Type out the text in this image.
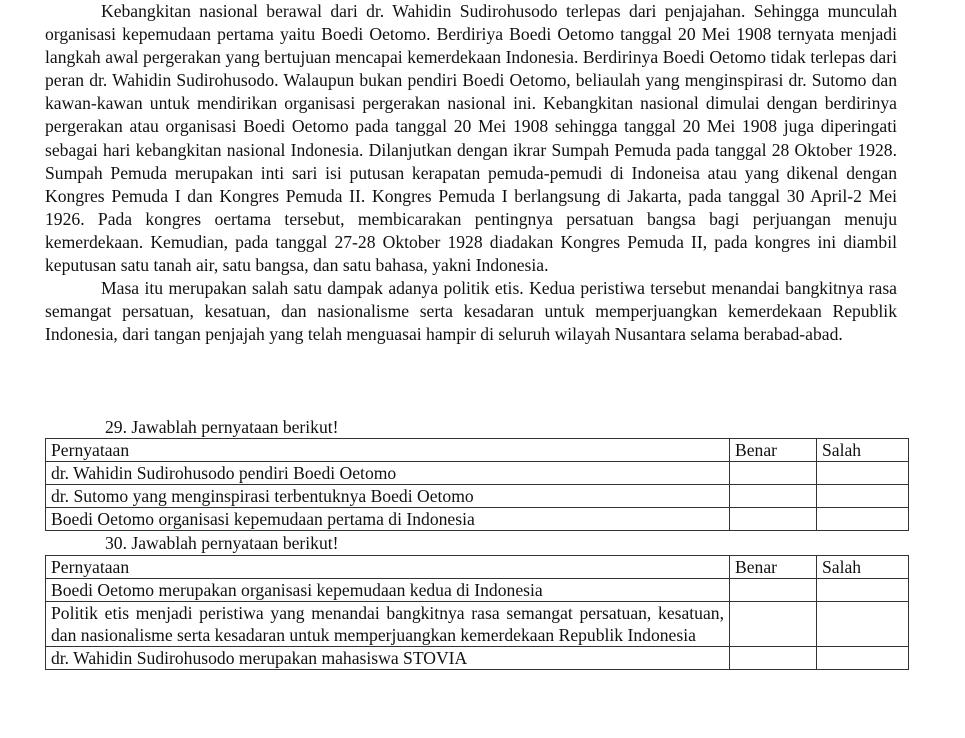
Kebangkitan nasional berawal dari dr. Wahidin Sudirohusodo terlepas dari penjajahan. Sehingga munculah organisasi kepemudaan pertama yaitu Boedi Oetomo. Berdiriya Boedi Oetomo tanggal 20 Mei 1908 ternyata menjadi langkah awal pergerakan yang bertujuan mencapai kemerdekaan Indonesia. Berdirinya Boedi Oetomo tidak terlepas dari peran dr. Wahidin Sudirohusodo. Walaupun bukan pendiri Boedi Oetomo, beliaulah yang menginspirasi dr. Sutomo dan kawan-kawan untuk mendirikan organisasi pergerakan nasional ini. Kebangkitan nasional dimulai dengan berdirinya pergerakan atau organisasi Boedi Oetomo pada tanggal 20 Mei 1908 sehingga tanggal 20 Mei 1908 juga diperingati sebagai hari kebangkitan nasional Indonesia. Dilanjutkan dengan ikrar Sumpah Pemuda pada tanggal 28 Oktober 1928. Sumpah Pemuda merupakan inti sari isi putusan kerapatan pemuda-pemudi di Indoneisa atau yang dikenal dengan Kongres Pemuda I dan Kongres Pemuda II. Kongres Pemuda I berlangsung di Jakarta, pada tanggal 30 April-2 Mei 1926. Pada kongres oertama tersebut, membicarakan pentingnya persatuan bangsa bagi perjuangan menuju kemerdekaan. Kemudian, pada tanggal 27-28 Oktober 1928 diadakan Kongres Pemuda II, pada kongres ini diambil keputusan satu tanah air, satu bangsa, dan satu bahasa, yakni Indonesia.

Masa itu merupakan salah satu dampak adanya politik etis. Kedua peristiwa tersebut menandai bangkitnya rasa semangat persatuan, kesatuan, dan nasionalisme serta kesadaran untuk memperjuangkan kemerdekaan Republik Indonesia, dari tangan penjajah yang telah menguasai hampir di seluruh wilayah Nusantara selama berabad-abad.

29. Jawablah pernyataan berikut!

Pernyataan	Benar	Salah
dr. Wahidin Sudirohusodo pendiri Boedi Oetomo		
dr. Sutomo yang menginspirasi terbentuknya Boedi Oetomo		
Boedi Oetomo organisasi kepemudaan pertama di Indonesia		

30. Jawablah pernyataan berikut!

Pernyataan	Benar	Salah
Boedi Oetomo merupakan organisasi kepemudaan kedua di Indonesia		
Politik etis menjadi peristiwa yang menandai bangkitnya rasa semangat persatuan, kesatuan, dan nasionalisme serta kesadaran untuk memperjuangkan kemerdekaan Republik Indonesia		
dr. Wahidin Sudirohusodo merupakan mahasiswa STOVIA		
